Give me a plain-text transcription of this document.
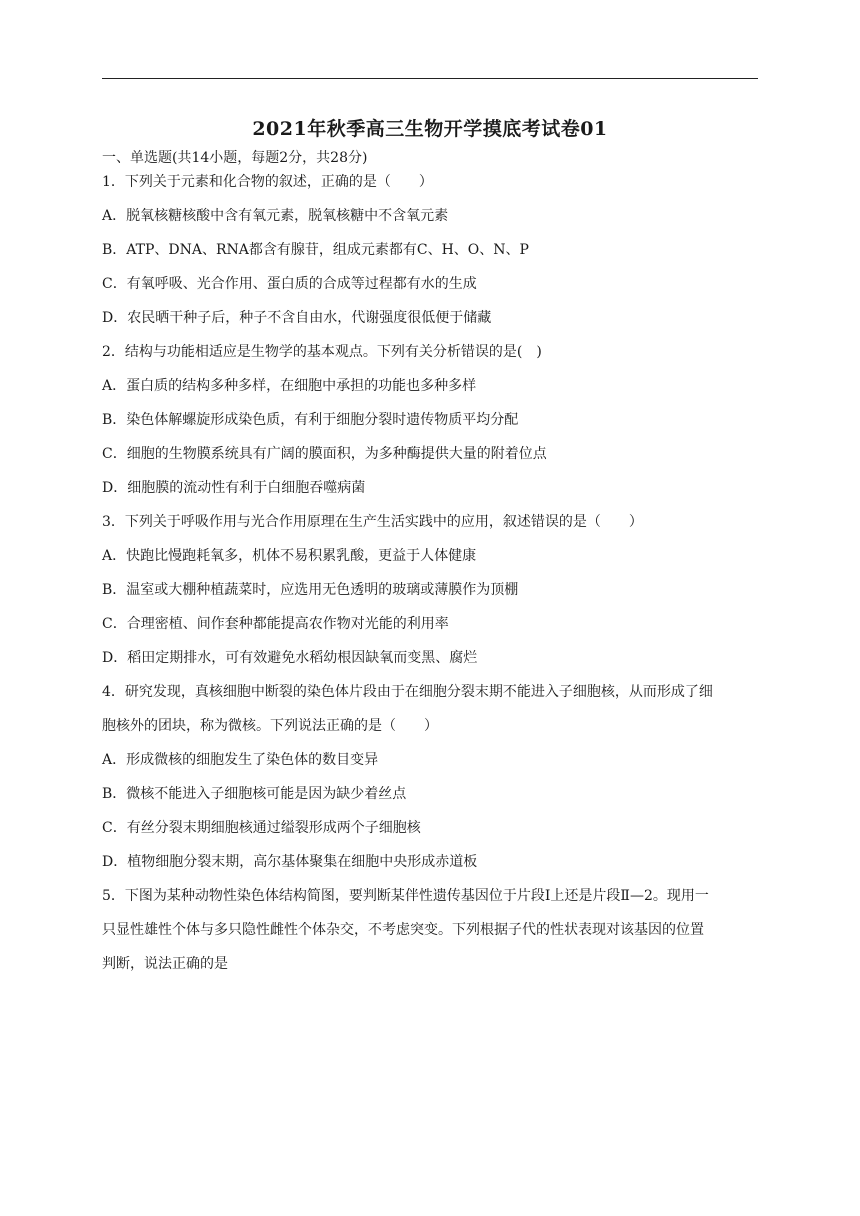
2021年秋季高三生物开学摸底考试卷01
一、单选题(共14小题，每题2分，共28分)
1．下列关于元素和化合物的叙述，正确的是（　　）
A．脱氧核糖核酸中含有氧元素，脱氧核糖中不含氧元素
B．ATP、DNA、RNA都含有腺苷，组成元素都有C、H、O、N、P
C．有氧呼吸、光合作用、蛋白质的合成等过程都有水的生成
D．农民晒干种子后，种子不含自由水，代谢强度很低便于储藏
2．结构与功能相适应是生物学的基本观点。下列有关分析错误的是(　)
A．蛋白质的结构多种多样，在细胞中承担的功能也多种多样
B．染色体解螺旋形成染色质，有利于细胞分裂时遗传物质平均分配
C．细胞的生物膜系统具有广阔的膜面积，为多种酶提供大量的附着位点
D．细胞膜的流动性有利于白细胞吞噬病菌
3．下列关于呼吸作用与光合作用原理在生产生活实践中的应用，叙述错误的是（　　）
A．快跑比慢跑耗氧多，机体不易积累乳酸，更益于人体健康
B．温室或大棚种植蔬菜时，应选用无色透明的玻璃或薄膜作为顶棚
C．合理密植、间作套种都能提高农作物对光能的利用率
D．稻田定期排水，可有效避免水稻幼根因缺氧而变黑、腐烂
4．研究发现，真核细胞中断裂的染色体片段由于在细胞分裂末期不能进入子细胞核，从而形成了细
胞核外的团块，称为微核。下列说法正确的是（　　）
A．形成微核的细胞发生了染色体的数目变异
B．微核不能进入子细胞核可能是因为缺少着丝点
C．有丝分裂末期细胞核通过缢裂形成两个子细胞核
D．植物细胞分裂末期，高尔基体聚集在细胞中央形成赤道板
5．下图为某种动物性染色体结构简图，要判断某伴性遗传基因位于片段Ⅰ上还是片段Ⅱ—2。现用一
只显性雄性个体与多只隐性雌性个体杂交，不考虑突变。下列根据子代的性状表现对该基因的位置
判断，说法正确的是
